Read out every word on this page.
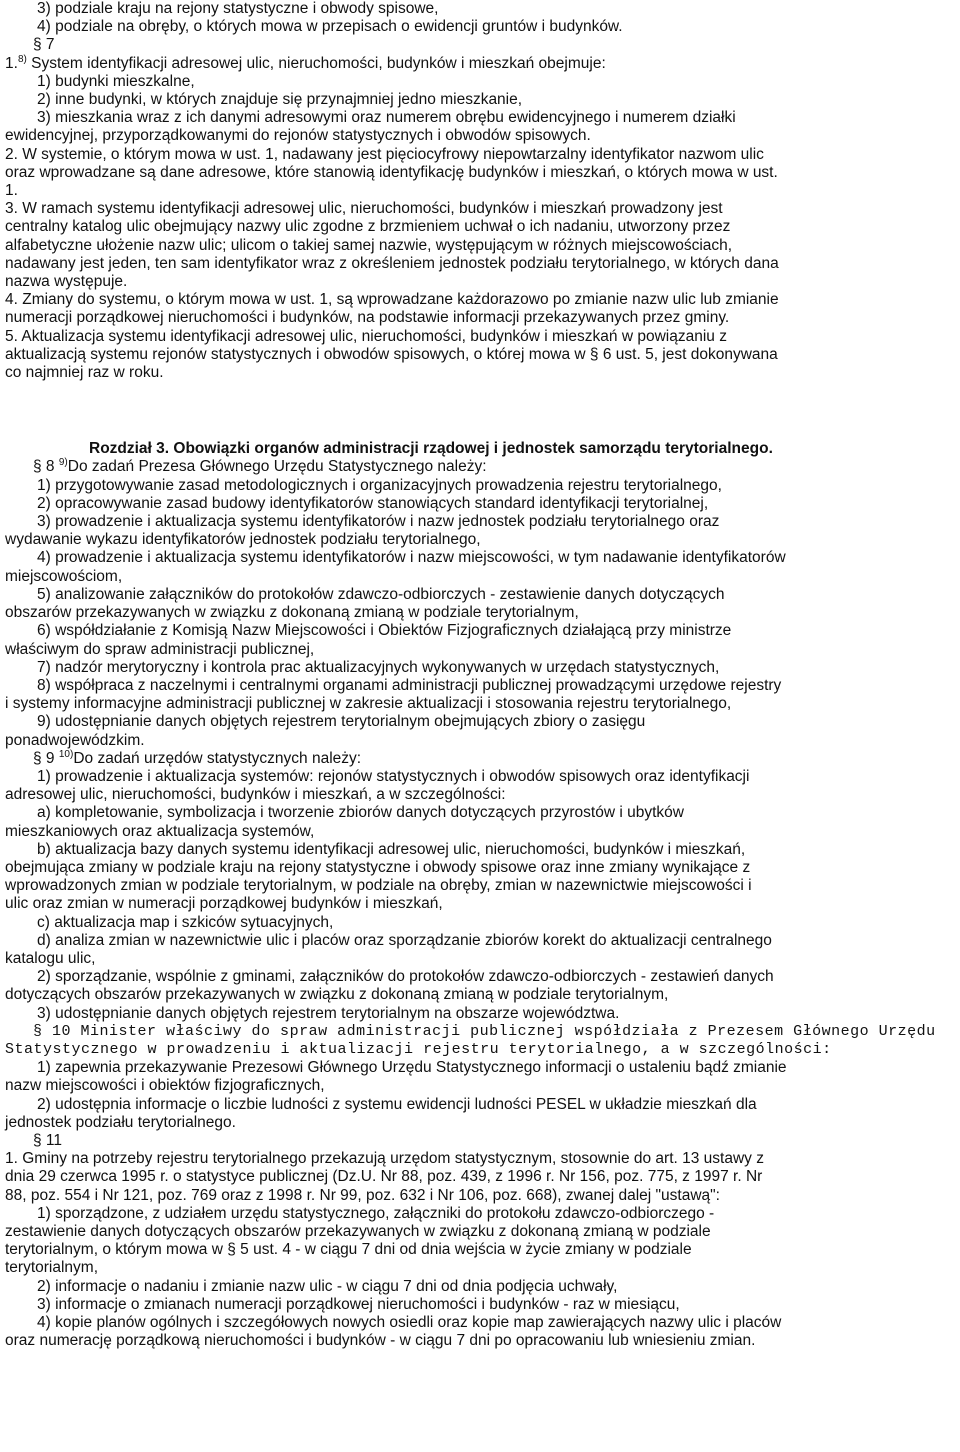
3) podziale kraju na rejony statystyczne i obwody spisowe,
4) podziale na obręby, o których mowa w przepisach o ewidencji gruntów i budynków.
§ 7
1.$^{8)}$ System identyfikacji adresowej ulic, nieruchomości, budynków i mieszkań obejmuje:
1) budynki mieszkalne,
2) inne budynki, w których znajduje się przynajmniej jedno mieszkanie,
3) mieszkania wraz z ich danymi adresowymi oraz numerem obrębu ewidencyjnego i numerem działki
ewidencyjnej, przyporządkowanymi do rejonów statystycznych i obwodów spisowych.
2. W systemie, o którym mowa w ust. 1, nadawany jest pięciocyfrowy niepowtarzalny identyfikator nazwom ulic
oraz wprowadzane są dane adresowe, które stanowią identyfikację budynków i mieszkań, o których mowa w ust.
1.
3. W ramach systemu identyfikacji adresowej ulic, nieruchomości, budynków i mieszkań prowadzony jest
centralny katalog ulic obejmujący nazwy ulic zgodne z brzmieniem uchwał o ich nadaniu, utworzony przez
alfabetyczne ułożenie nazw ulic; ulicom o takiej samej nazwie, występującym w różnych miejscowościach,
nadawany jest jeden, ten sam identyfikator wraz z określeniem jednostek podziału terytorialnego, w których dana
nazwa występuje.
4. Zmiany do systemu, o którym mowa w ust. 1, są wprowadzane każdorazowo po zmianie nazw ulic lub zmianie
numeracji porządkowej nieruchomości i budynków, na podstawie informacji przekazywanych przez gminy.
5. Aktualizacja systemu identyfikacji adresowej ulic, nieruchomości, budynków i mieszkań w powiązaniu z
aktualizacją systemu rejonów statystycznych i obwodów spisowych, o której mowa w § 6 ust. 5, jest dokonywana
co najmniej raz w roku.
Rozdział 3. Obowiązki organów administracji rządowej i jednostek samorządu terytorialnego.
§ 8 $^{9)}$Do zadań Prezesa Głównego Urzędu Statystycznego należy:
1) przygotowywanie zasad metodologicznych i organizacyjnych prowadzenia rejestru terytorialnego,
2) opracowywanie zasad budowy identyfikatorów stanowiących standard identyfikacji terytorialnej,
3) prowadzenie i aktualizacja systemu identyfikatorów i nazw jednostek podziału terytorialnego oraz
wydawanie wykazu identyfikatorów jednostek podziału terytorialnego,
4) prowadzenie i aktualizacja systemu identyfikatorów i nazw miejscowości, w tym nadawanie identyfikatorów
miejscowościom,
5) analizowanie załączników do protokołów zdawczo-odbiorczych - zestawienie danych dotyczących
obszarów przekazywanych w związku z dokonaną zmianą w podziale terytorialnym,
6) współdziałanie z Komisją Nazw Miejscowości i Obiektów Fizjograficznych działającą przy ministrze
właściwym do spraw administracji publicznej,
7) nadzór merytoryczny i kontrola prac aktualizacyjnych wykonywanych w urzędach statystycznych,
8) współpraca z naczelnymi i centralnymi organami administracji publicznej prowadzącymi urzędowe rejestry
i systemy informacyjne administracji publicznej w zakresie aktualizacji i stosowania rejestru terytorialnego,
9) udostępnianie danych objętych rejestrem terytorialnym obejmujących zbiory o zasięgu
ponadwojewódzkim.
§ 9 $^{10)}$Do zadań urzędów statystycznych należy:
1) prowadzenie i aktualizacja systemów: rejonów statystycznych i obwodów spisowych oraz identyfikacji
adresowej ulic, nieruchomości, budynków i mieszkań, a w szczególności:
a) kompletowanie, symbolizacja i tworzenie zbiorów danych dotyczących przyrostów i ubytków
mieszkaniowych oraz aktualizacja systemów,
b) aktualizacja bazy danych systemu identyfikacji adresowej ulic, nieruchomości, budynków i mieszkań,
obejmująca zmiany w podziale kraju na rejony statystyczne i obwody spisowe oraz inne zmiany wynikające z
wprowadzonych zmian w podziale terytorialnym, w podziale na obręby, zmian w nazewnictwie miejscowości i
ulic oraz zmian w numeracji porządkowej budynków i mieszkań,
c) aktualizacja map i szkiców sytuacyjnych,
d) analiza zmian w nazewnictwie ulic i placów oraz sporządzanie zbiorów korekt do aktualizacji centralnego
katalogu ulic,
2) sporządzanie, wspólnie z gminami, załączników do protokołów zdawczo-odbiorczych - zestawień danych
dotyczących obszarów przekazywanych w związku z dokonaną zmianą w podziale terytorialnym,
3) udostępnianie danych objętych rejestrem terytorialnym na obszarze województwa.
§ 10 Minister właściwy do spraw administracji publicznej współdziała z Prezesem Głównego Urzędu
Statystycznego w prowadzeniu i aktualizacji rejestru terytorialnego, a w szczególności:
1) zapewnia przekazywanie Prezesowi Głównego Urzędu Statystycznego informacji o ustaleniu bądź zmianie
nazw miejscowości i obiektów fizjograficznych,
2) udostępnia informacje o liczbie ludności z systemu ewidencji ludności PESEL w układzie mieszkań dla
jednostek podziału terytorialnego.
§ 11
1. Gminy na potrzeby rejestru terytorialnego przekazują urzędom statystycznym, stosownie do art. 13 ustawy z
dnia 29 czerwca 1995 r. o statystyce publicznej (Dz.U. Nr 88, poz. 439, z 1996 r. Nr 156, poz. 775, z 1997 r. Nr
88, poz. 554 i Nr 121, poz. 769 oraz z 1998 r. Nr 99, poz. 632 i Nr 106, poz. 668), zwanej dalej "ustawą":
1) sporządzone, z udziałem urzędu statystycznego, załączniki do protokołu zdawczo-odbiorczego -
zestawienie danych dotyczących obszarów przekazywanych w związku z dokonaną zmianą w podziale
terytorialnym, o którym mowa w § 5 ust. 4 - w ciągu 7 dni od dnia wejścia w życie zmiany w podziale
terytorialnym,
2) informacje o nadaniu i zmianie nazw ulic - w ciągu 7 dni od dnia podjęcia uchwały,
3) informacje o zmianach numeracji porządkowej nieruchomości i budynków - raz w miesiącu,
4) kopie planów ogólnych i szczegółowych nowych osiedli oraz kopie map zawierających nazwy ulic i placów
oraz numerację porządkową nieruchomości i budynków - w ciągu 7 dni po opracowaniu lub wniesieniu zmian.
